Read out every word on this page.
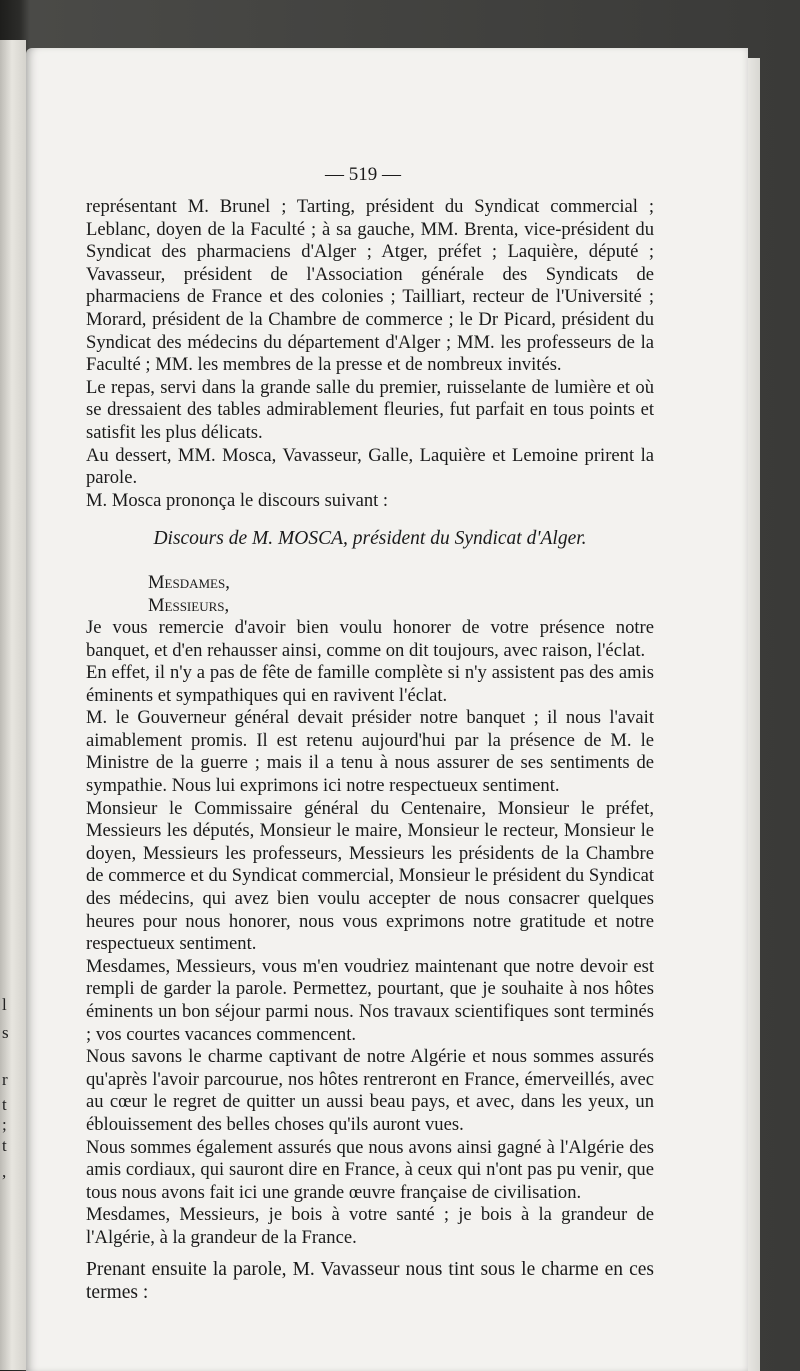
l
s
r
t
;
t
,
— 519 —

représentant M. Brunel ; Tarting, président du Syndicat commercial ; Leblanc, doyen de la Faculté ; à sa gauche, MM. Brenta, vice-président du Syndicat des pharmaciens d'Alger ; Atger, préfet ; Laquière, député ; Vavasseur, président de l'Association générale des Syndicats de pharmaciens de France et des colonies ; Tailliart, recteur de l'Université ; Morard, président de la Chambre de commerce ; le Dr Picard, président du Syndicat des médecins du département d'Alger ; MM. les professeurs de la Faculté ; MM. les membres de la presse et de nombreux invités.

Le repas, servi dans la grande salle du premier, ruisselante de lumière et où se dressaient des tables admirablement fleuries, fut parfait en tous points et satisfit les plus délicats.

Au dessert, MM. Mosca, Vavasseur, Galle, Laquière et Lemoine prirent la parole.

M. Mosca prononça le discours suivant :

Discours de M. MOSCA, président du Syndicat d'Alger.

Mesdames,

Messieurs,

Je vous remercie d'avoir bien voulu honorer de votre présence notre banquet, et d'en rehausser ainsi, comme on dit toujours, avec raison, l'éclat.

En effet, il n'y a pas de fête de famille complète si n'y assistent pas des amis éminents et sympathiques qui en ravivent l'éclat.

M. le Gouverneur général devait présider notre banquet ; il nous l'avait aimablement promis. Il est retenu aujourd'hui par la présence de M. le Ministre de la guerre ; mais il a tenu à nous assurer de ses sentiments de sympathie. Nous lui exprimons ici notre respectueux sentiment.

Monsieur le Commissaire général du Centenaire, Monsieur le préfet, Messieurs les députés, Monsieur le maire, Monsieur le recteur, Monsieur le doyen, Messieurs les professeurs, Messieurs les présidents de la Chambre de commerce et du Syndicat commercial, Monsieur le président du Syndicat des médecins, qui avez bien voulu accepter de nous consacrer quelques heures pour nous honorer, nous vous exprimons notre gratitude et notre respectueux sentiment.

Mesdames, Messieurs, vous m'en voudriez maintenant que notre devoir est rempli de garder la parole. Permettez, pourtant, que je souhaite à nos hôtes éminents un bon séjour parmi nous. Nos travaux scientifiques sont terminés ; vos courtes vacances commencent.

Nous savons le charme captivant de notre Algérie et nous sommes assurés qu'après l'avoir parcourue, nos hôtes rentreront en France, émerveillés, avec au cœur le regret de quitter un aussi beau pays, et avec, dans les yeux, un éblouissement des belles choses qu'ils auront vues.

Nous sommes également assurés que nous avons ainsi gagné à l'Algérie des amis cordiaux, qui sauront dire en France, à ceux qui n'ont pas pu venir, que tous nous avons fait ici une grande œuvre française de civilisation.

Mesdames, Messieurs, je bois à votre santé ; je bois à la grandeur de l'Algérie, à la grandeur de la France.

Prenant ensuite la parole, M. Vavasseur nous tint sous le charme en ces termes :
